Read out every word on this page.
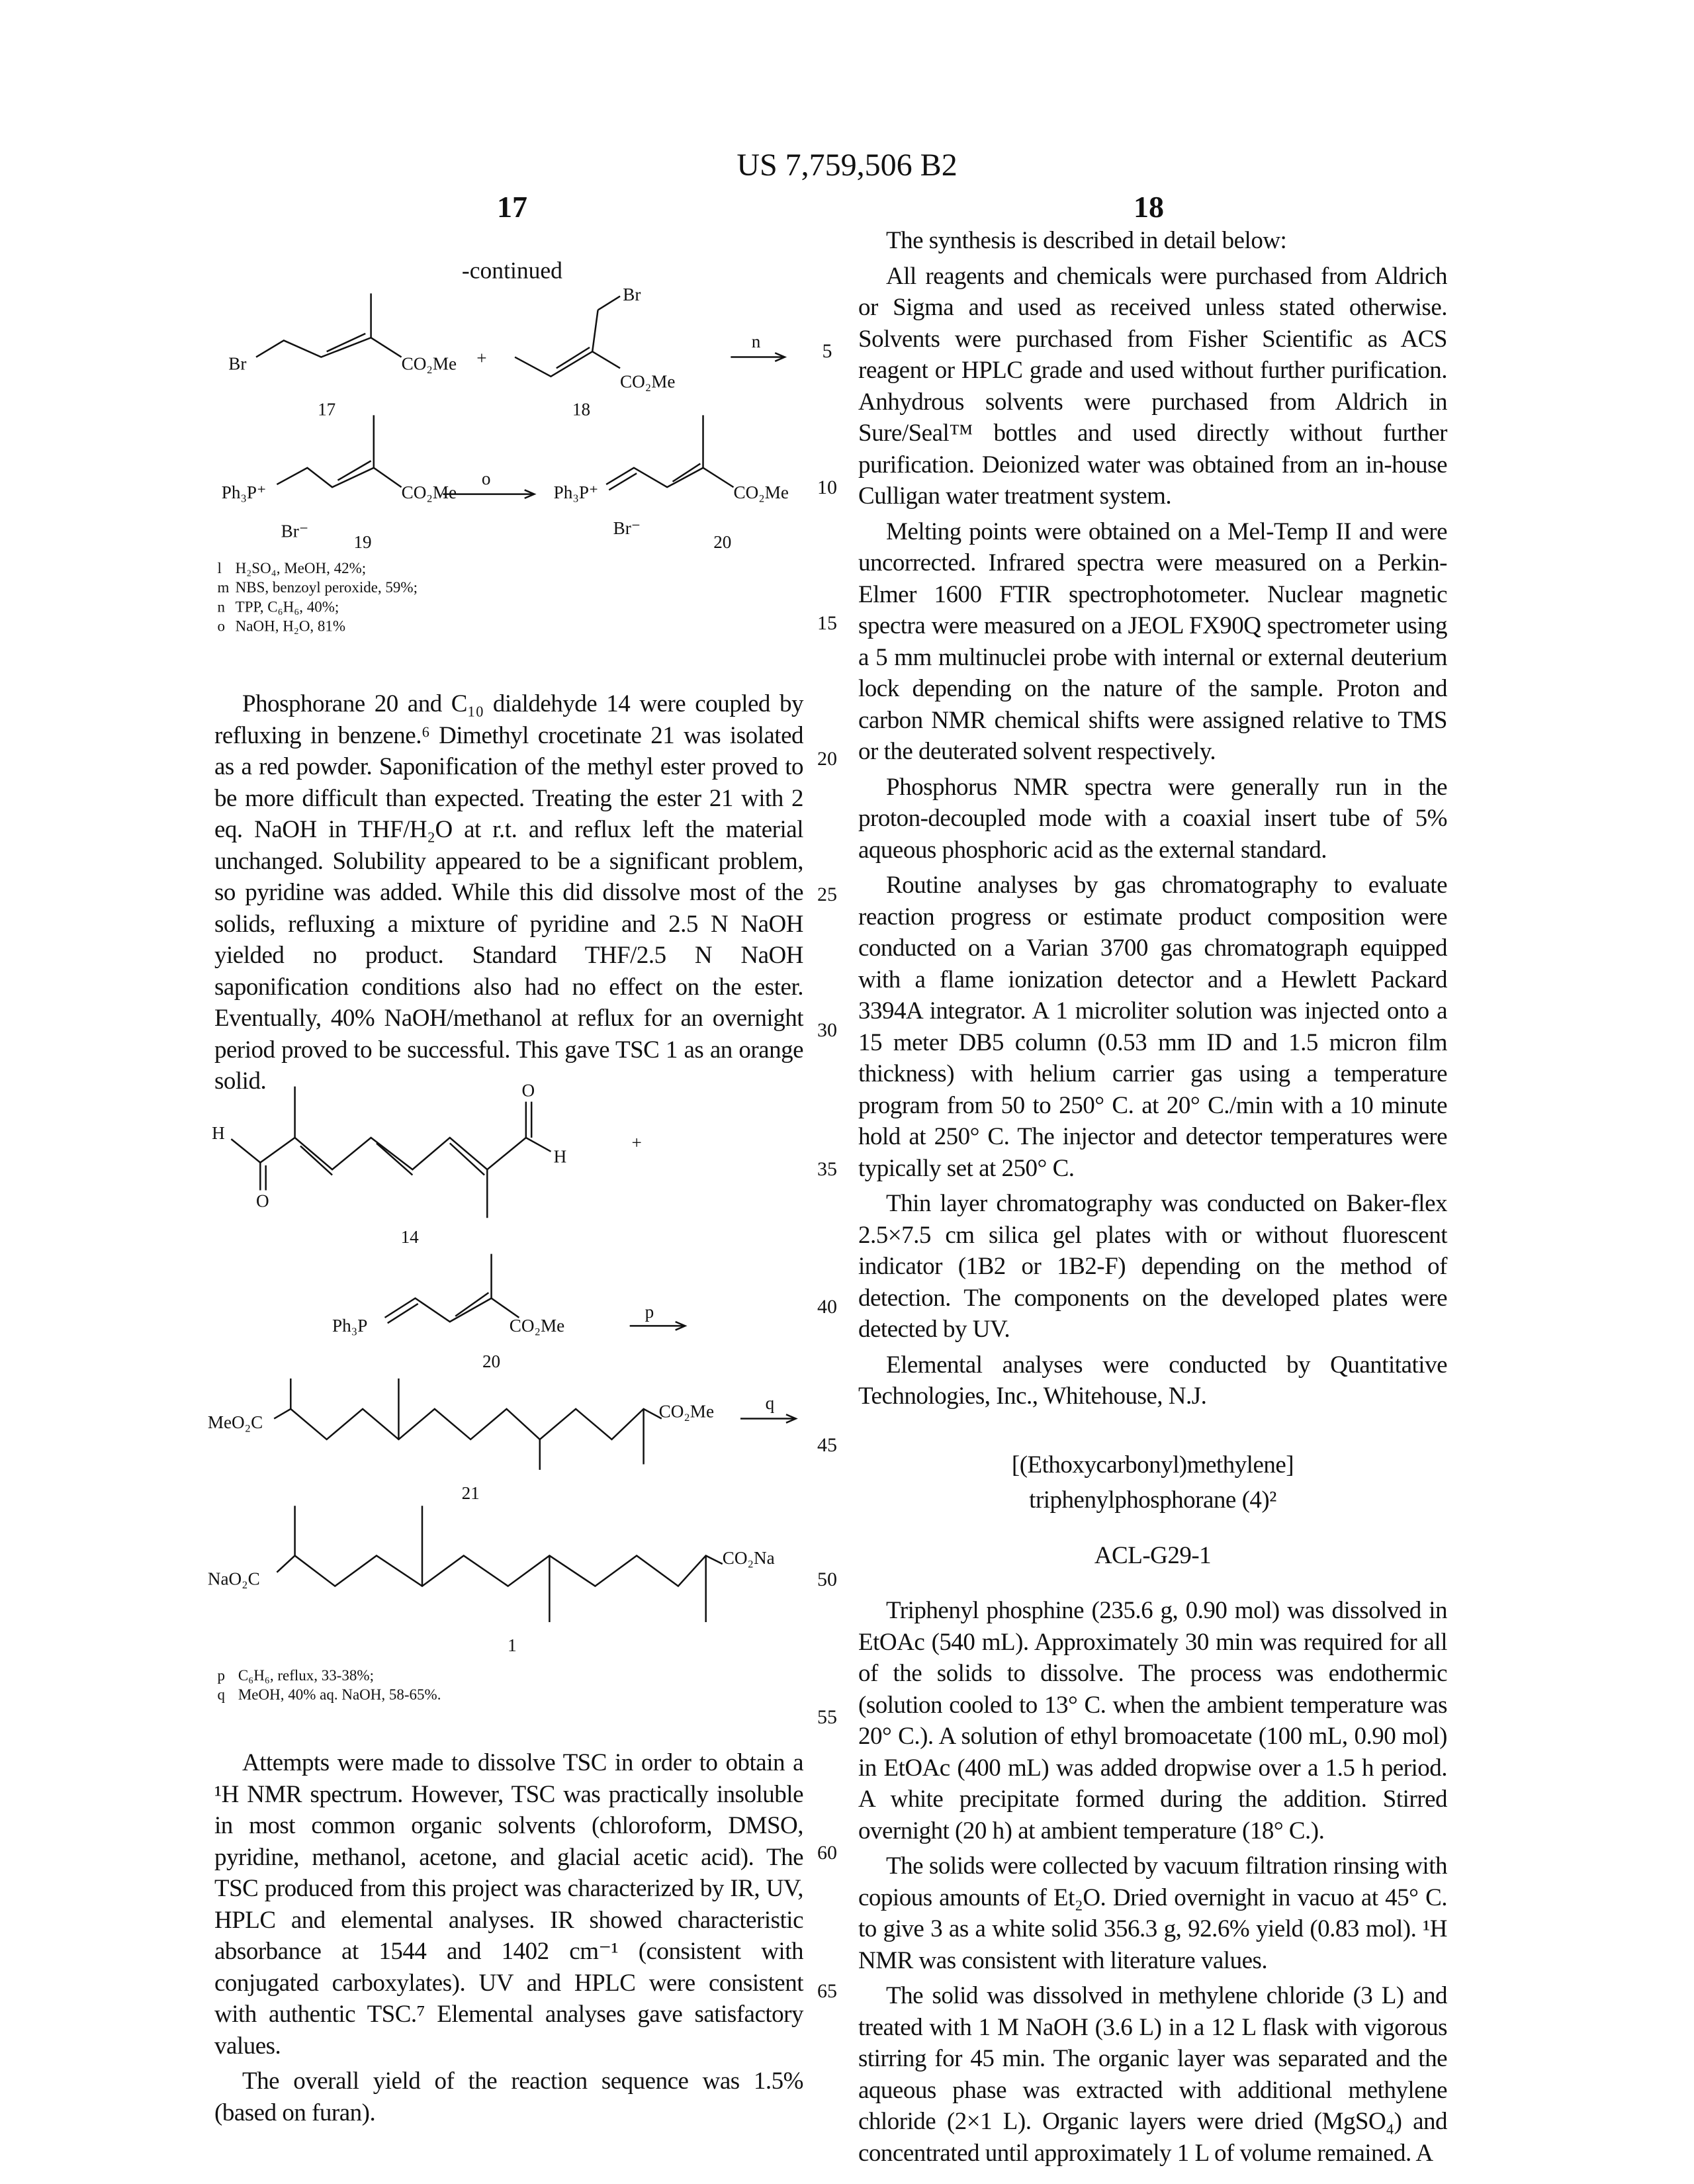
US 7,759,506 B2
17	18
-continued
Br	CO₂Me
17
+
Br
CO₂Me
18
n
Ph₃P⁺	CO₂Me
Br⁻
19
o
Ph₃P⁺	CO₂Me
Br⁻
20
l H₂SO₄, MeOH, 42%;
m NBS, benzoyl peroxide, 59%;
n TPP, C₆H₆, 40%;
o NaOH, H₂O, 81%
H
O
O
H
+
14
Ph₃P	CO₂Me
20
p
MeO₂C
CO₂Me	q
21
NaO₂C
CO₂Na
1
p C₆H₆, reflux, 33-38%;
q MeOH, 40% aq. NaOH, 58-65%.

Phosphorane 20 and C₁₀ dialdehyde 14 were coupled by refluxing in benzene.⁶ Dimethyl crocetinate 21 was isolated as a red powder. Saponification of the methyl ester proved to be more difficult than expected. Treating the ester 21 with 2 eq. NaOH in THF/H₂O at r.t. and reflux left the material unchanged. Solubility appeared to be a significant problem, so pyridine was added. While this did dissolve most of the solids, refluxing a mixture of pyridine and 2.5 N NaOH yielded no product. Standard THF/2.5 N NaOH saponification conditions also had no effect on the ester. Eventually, 40% NaOH/methanol at reflux for an overnight period proved to be successful. This gave TSC 1 as an orange solid.

Attempts were made to dissolve TSC in order to obtain a ¹H NMR spectrum. However, TSC was practically insoluble in most common organic solvents (chloroform, DMSO, pyridine, methanol, acetone, and glacial acetic acid). The TSC produced from this project was characterized by IR, UV, HPLC and elemental analyses. IR showed characteristic absorbance at 1544 and 1402 cm⁻¹ (consistent with conjugated carboxylates). UV and HPLC were consistent with authentic TSC.⁷ Elemental analyses gave satisfactory values.

The overall yield of the reaction sequence was 1.5% (based on furan).

The synthesis is described in detail below:

All reagents and chemicals were purchased from Aldrich or Sigma and used as received unless stated otherwise. Solvents were purchased from Fisher Scientific as ACS reagent or HPLC grade and used without further purification. Anhydrous solvents were purchased from Aldrich in Sure/Seal™ bottles and used directly without further purification. Deionized water was obtained from an in-house Culligan water treatment system.

Melting points were obtained on a Mel-Temp II and were uncorrected. Infrared spectra were measured on a Perkin-Elmer 1600 FTIR spectrophotometer. Nuclear magnetic spectra were measured on a JEOL FX90Q spectrometer using a 5 mm multinuclei probe with internal or external deuterium lock depending on the nature of the sample. Proton and carbon NMR chemical shifts were assigned relative to TMS or the deuterated solvent respectively.

Phosphorus NMR spectra were generally run in the proton-decoupled mode with a coaxial insert tube of 5% aqueous phosphoric acid as the external standard.

Routine analyses by gas chromatography to evaluate reaction progress or estimate product composition were conducted on a Varian 3700 gas chromatograph equipped with a flame ionization detector and a Hewlett Packard 3394A integrator. A 1 microliter solution was injected onto a 15 meter DB5 column (0.53 mm ID and 1.5 micron film thickness) with helium carrier gas using a temperature program from 50 to 250° C. at 20° C./min with a 10 minute hold at 250° C. The injector and detector temperatures were typically set at 250° C.

Thin layer chromatography was conducted on Baker-flex 2.5×7.5 cm silica gel plates with or without fluorescent indicator (1B2 or 1B2-F) depending on the method of detection. The components on the developed plates were detected by UV.

Elemental analyses were conducted by Quantitative Technologies, Inc., Whitehouse, N.J.

[(Ethoxycarbonyl)methylene]

triphenylphosphorane (4)²

ACL-G29-1

Triphenyl phosphine (235.6 g, 0.90 mol) was dissolved in EtOAc (540 mL). Approximately 30 min was required for all of the solids to dissolve. The process was endothermic (solution cooled to 13° C. when the ambient temperature was 20° C.). A solution of ethyl bromoacetate (100 mL, 0.90 mol) in EtOAc (400 mL) was added dropwise over a 1.5 h period. A white precipitate formed during the addition. Stirred overnight (20 h) at ambient temperature (18° C.).

The solids were collected by vacuum filtration rinsing with copious amounts of Et₂O. Dried overnight in vacuo at 45° C. to give 3 as a white solid 356.3 g, 92.6% yield (0.83 mol). ¹H NMR was consistent with literature values.

The solid was dissolved in methylene chloride (3 L) and treated with 1 M NaOH (3.6 L) in a 12 L flask with vigorous stirring for 45 min. The organic layer was separated and the aqueous phase was extracted with additional methylene chloride (2×1 L). Organic layers were dried (MgSO₄) and concentrated until approximately 1 L of volume remained. A

5
10
15
20
25
30
35
40
45
50
55
60
65
